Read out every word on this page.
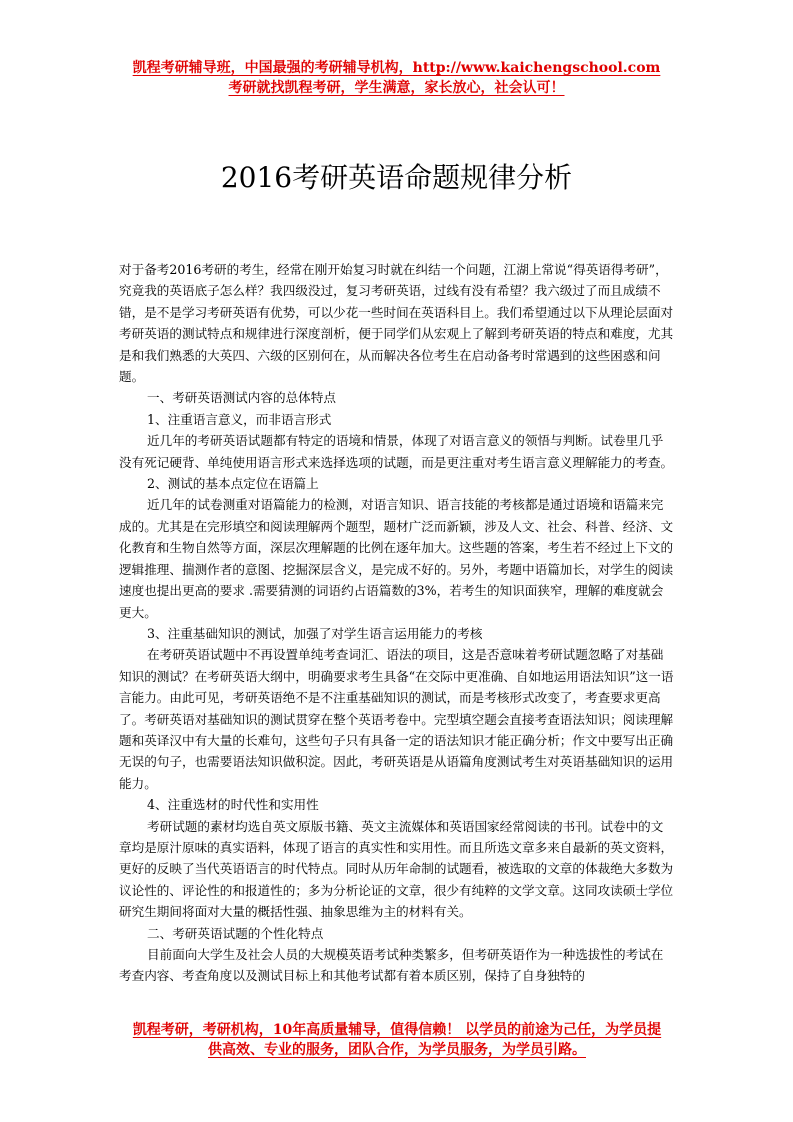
凯程考研辅导班，中国最强的考研辅导机构，http://www.kaichengschool.com
考研就找凯程考研，学生满意，家长放心，社会认可！
2016考研英语命题规律分析

对于备考2016考研的考生，经常在刚开始复习时就在纠结一个问题，江湖上常说“得英语得考研”，究竟我的英语底子怎么样？我四级没过，复习考研英语，过线有没有希望？我六级过了而且成绩不错，是不是学习考研英语有优势，可以少花一些时间在英语科目上。我们希望通过以下从理论层面对考研英语的测试特点和规律进行深度剖析，便于同学们从宏观上了解到考研英语的特点和难度，尤其是和我们熟悉的大英四、六级的区别何在，从而解决各位考生在启动备考时常遇到的这些困惑和问题。

一、考研英语测试内容的总体特点

1、注重语言意义，而非语言形式

近几年的考研英语试题都有特定的语境和情景，体现了对语言意义的领悟与判断。试卷里几乎没有死记硬背、单纯使用语言形式来选择选项的试题，而是更注重对考生语言意义理解能力的考查。

2、测试的基本点定位在语篇上

近几年的试卷测重对语篇能力的检测，对语言知识、语言技能的考核都是通过语境和语篇来完成的。尤其是在完形填空和阅读理解两个题型，题材广泛而新颖，涉及人文、社会、科普、经济、文化教育和生物自然等方面，深层次理解题的比例在逐年加大。这些题的答案，考生若不经过上下文的逻辑推理、揣测作者的意图、挖掘深层含义，是完成不好的。另外，考题中语篇加长，对学生的阅读速度也提出更高的要求 .需要猜测的词语约占语篇数的3%，若考生的知识面狭窄，理解的难度就会更大。

3、注重基础知识的测试，加强了对学生语言运用能力的考核

在考研英语试题中不再设置单纯考查词汇、语法的项目，这是否意味着考研试题忽略了对基础知识的测试？在考研英语大纲中，明确要求考生具备“在交际中更准确、自如地运用语法知识”这一语言能力。由此可见，考研英语绝不是不注重基础知识的测试，而是考核形式改变了，考查要求更高了。考研英语对基础知识的测试贯穿在整个英语考卷中。完型填空题会直接考查语法知识；阅读理解题和英译汉中有大量的长难句，这些句子只有具备一定的语法知识才能正确分析；作文中要写出正确无误的句子，也需要语法知识做积淀。因此，考研英语是从语篇角度测试考生对英语基础知识的运用能力。

4、注重选材的时代性和实用性

考研试题的素材均选自英文原版书籍、英文主流媒体和英语国家经常阅读的书刊。试卷中的文章均是原汁原味的真实语料，体现了语言的真实性和实用性。而且所选文章多来自最新的英文资料，更好的反映了当代英语语言的时代特点。同时从历年命制的试题看，被选取的文章的体裁绝大多数为议论性的、评论性的和报道性的；多为分析论证的文章，很少有纯粹的文学文章。这同攻读硕士学位研究生期间将面对大量的概括性强、抽象思维为主的材料有关。

二、考研英语试题的个性化特点

目前面向大学生及社会人员的大规模英语考试种类繁多，但考研英语作为一种选拔性的考试在考查内容、考查角度以及测试目标上和其他考试都有着本质区别，保持了自身独特的

凯程考研，考研机构，10年高质量辅导，值得信赖！ 以学员的前途为己任，为学员提
供高效、专业的服务，团队合作，为学员服务，为学员引路。
